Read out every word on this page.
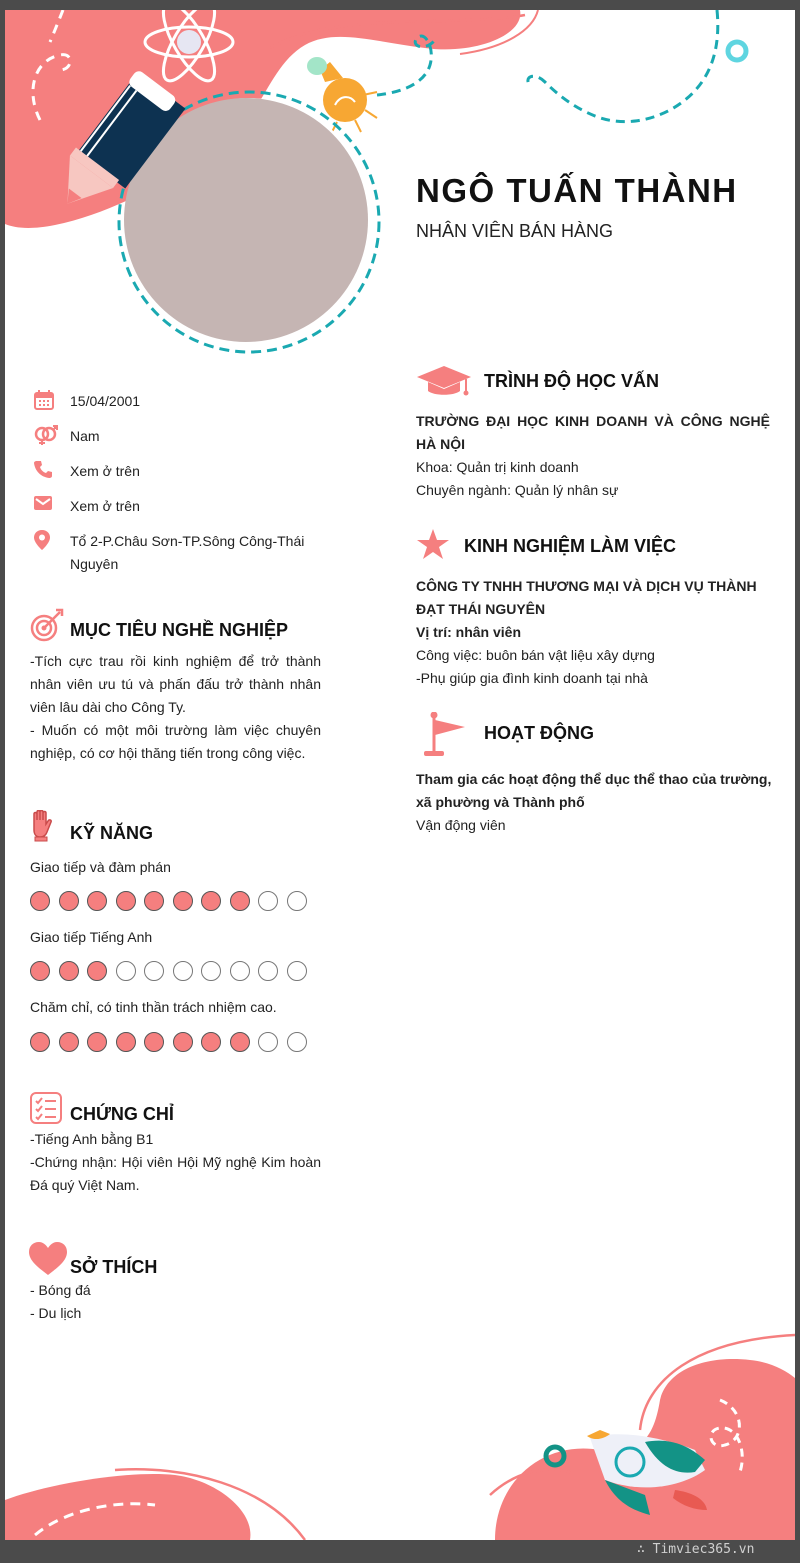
NGÔ TUẤN THÀNH
NHÂN VIÊN BÁN HÀNG
15/04/2001
Nam
Xem ở trên
Xem ở trên
Tổ 2-P.Châu Sơn-TP.Sông Công-Thái Nguyên
MỤC TIÊU NGHỀ NGHIỆP
-Tích cực trau rồi kinh nghiệm để trở thành nhân viên ưu tú và phấn đấu trở thành nhân viên lâu dài cho Công Ty.
- Muốn có một môi trường làm việc chuyên nghiệp, có cơ hội thăng tiến trong công việc.
KỸ NĂNG
Giao tiếp và đàm phán
Giao tiếp Tiếng Anh
Chăm chỉ, có tinh thần trách nhiệm cao.
CHỨNG CHỈ
-Tiếng Anh bằng B1
-Chứng nhận: Hội viên Hội Mỹ nghệ Kim hoàn Đá quý Việt Nam.
SỞ THÍCH
- Bóng đá
- Du lịch
TRÌNH ĐỘ HỌC VẤN
TRƯỜNG ĐẠI HỌC KINH DOANH VÀ CÔNG NGHỆ HÀ NỘI
Khoa: Quản trị kinh doanh
Chuyên ngành: Quản lý nhân sự
KINH NGHIỆM LÀM VIỆC
CÔNG TY TNHH THƯƠNG MẠI VÀ DỊCH VỤ THÀNH ĐẠT THÁI NGUYÊN
Vị trí: nhân viên
Công việc: buôn bán vật liệu xây dựng
-Phụ giúp gia đình kinh doanh tại nhà
HOẠT ĐỘNG
Tham gia các hoạt động thể dục thể thao của trường, xã phường và Thành phố
Vận động viên
∴ Timviec365.vn
